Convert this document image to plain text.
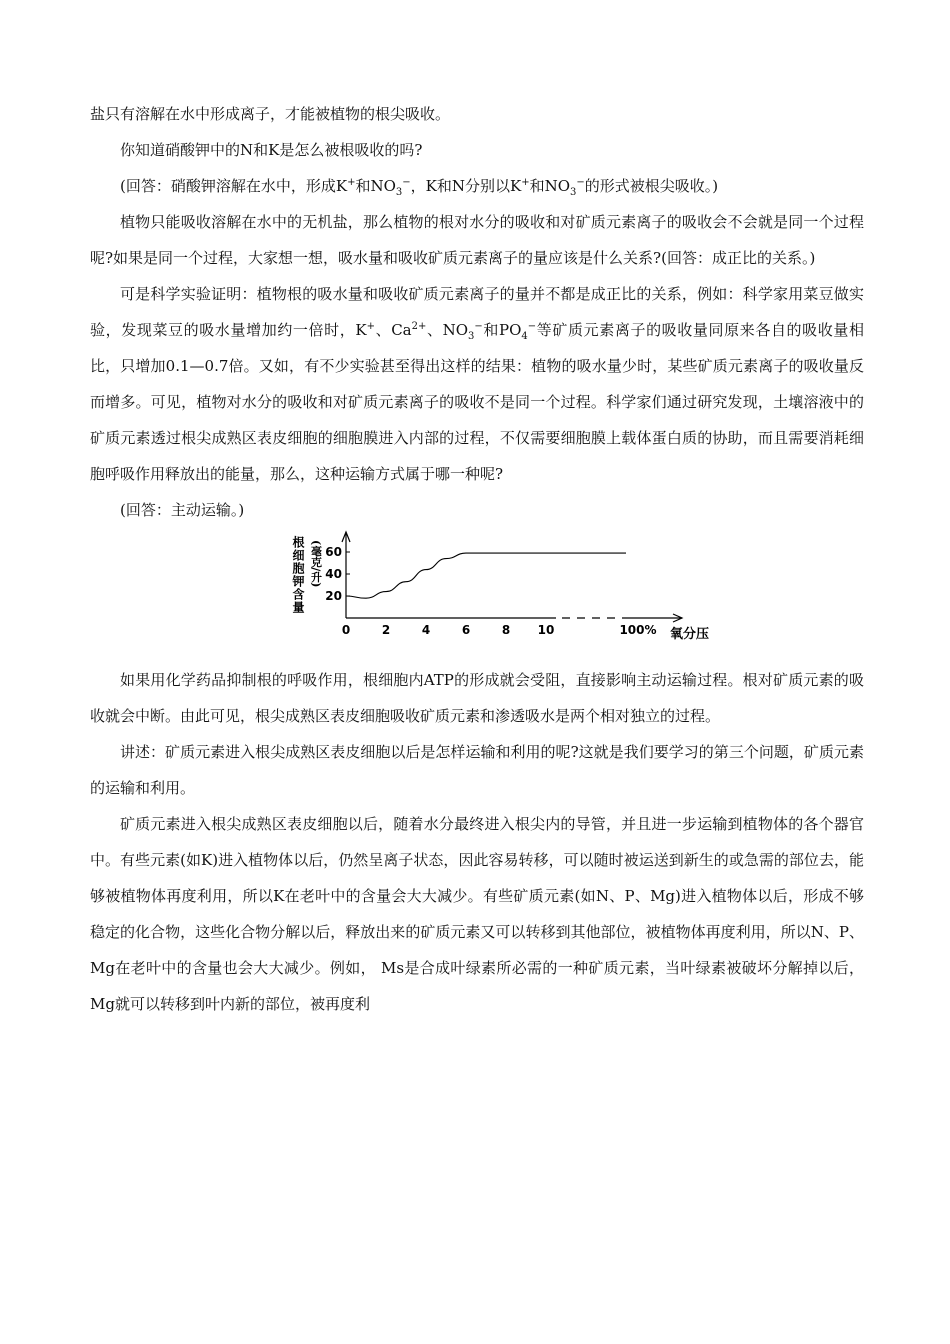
盐只有溶解在水中形成离子，才能被植物的根尖吸收。

你知道硝酸钾中的N和K是怎么被根吸收的吗?

(回答：硝酸钾溶解在水中，形成K+和$NO_3^-$，K和N分别以K+和$NO_3^-$的形式被根尖吸收。)

植物只能吸收溶解在水中的无机盐，那么植物的根对水分的吸收和对矿质元素离子的吸收会不会就是同一个过程呢?如果是同一个过程，大家想一想，吸水量和吸收矿质元素离子的量应该是什么关系?(回答：成正比的关系。)

可是科学实验证明：植物根的吸水量和吸收矿质元素离子的量并不都是成正比的关系，例如：科学家用菜豆做实验，发现菜豆的吸水量增加约一倍时，K+、$Ca^{2+}$、$NO_3^-$和$PO_4^-$等矿质元素离子的吸收量同原来各自的吸收量相比，只增加0.1—0.7倍。又如，有不少实验甚至得出这样的结果：植物的吸水量少时，某些矿质元素离子的吸收量反而增多。可见，植物对水分的吸收和对矿质元素离子的吸收不是同一个过程。科学家们通过研究发现，土壤溶液中的矿质元素透过根尖成熟区表皮细胞的细胞膜进入内部的过程，不仅需要细胞膜上载体蛋白质的协助，而且需要消耗细胞呼吸作用释放出的能量，那么，这种运输方式属于哪一种呢?

(回答：主动运输。)

20
40
60
0	2	4	6	8 10	100% 氧分压
根细胞钾含量 (毫克/升)

如果用化学药品抑制根的呼吸作用，根细胞内ATP的形成就会受阻，直接影响主动运输过程。根对矿质元素的吸收就会中断。由此可见，根尖成熟区表皮细胞吸收矿质元素和渗透吸水是两个相对独立的过程。

讲述：矿质元素进入根尖成熟区表皮细胞以后是怎样运输和利用的呢?这就是我们要学习的第三个问题，矿质元素的运输和利用。

矿质元素进入根尖成熟区表皮细胞以后，随着水分最终进入根尖内的导管，并且进一步运输到植物体的各个器官中。有些元素(如K)进入植物体以后，仍然呈离子状态，因此容易转移，可以随时被运送到新生的或急需的部位去，能够被植物体再度利用，所以K在老叶中的含量会大大减少。有些矿质元素(如N、P、Mg)进入植物体以后，形成不够稳定的化合物，这些化合物分解以后，释放出来的矿质元素又可以转移到其他部位，被植物体再度利用，所以N、P、Mg在老叶中的含量也会大大减少。例如， Ms是合成叶绿素所必需的一种矿质元素，当叶绿素被破坏分解掉以后，Mg就可以转移到叶内新的部位，被再度利
